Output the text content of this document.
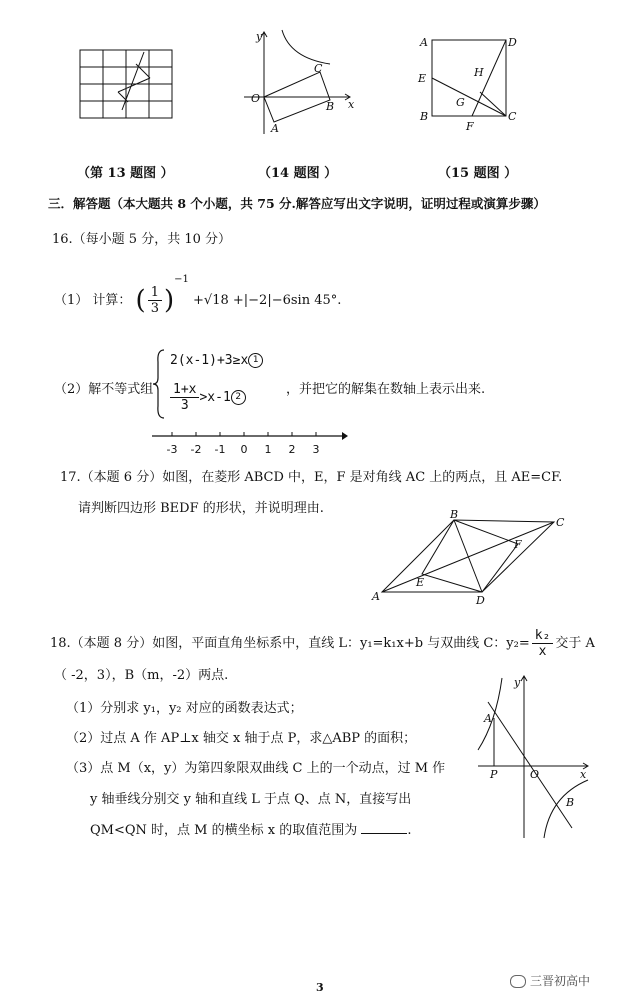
（第 13 题图 ）
y
x
O
A
B
C
（14 题图 ）
A	D
E
B	C
F
G
H
（15 题图 ）
三．解答题（本大题共 8 个小题，共 75 分.解答应写出文字说明，证明过程或演算步骤）
16.（每小题 5 分，共 10 分）
（1） 计算： ( $\frac{1}{3} )^{-1} +√18 +|-2|-6\sin$ 45°.
（2）解不等式组
2(x-1)+3≥x 1
$\frac{1+x}{3} >x-1$ 2	，并把它的解集在数轴上表示出来.
-3 -2 -1 0 1 2 3
17.（本题 6 分）如图，在菱形 ABCD 中，E，F 是对角线 AC 上的两点，且 AE=CF.
请判断四边形 BEDF 的形状，并说明理由.
A
B
C
D
E
F
18.（本题 8 分）如图，平面直角坐标系中，直线 L：y₁=k₁x+b 与双曲线 C：$y_2= \frac{\text{k₂}}{x}$ 交于 A
（ -2，3），B（m，-2）两点.
（1）分别求 y₁，y₂ 对应的函数表达式；
（2）过点 A 作 AP⊥x 轴交 x 轴于点 P，求△ABP 的面积；
（3）点 M（x，y）为第四象限双曲线 C 上的一个动点，过 M 作
y 轴垂线分别交 y 轴和直线 L 于点 Q、点 N，直接写出
QM<QN 时，点 M 的横坐标 x 的取值范围为	.
y
x
A
P	O
B
3	三晋初高中
